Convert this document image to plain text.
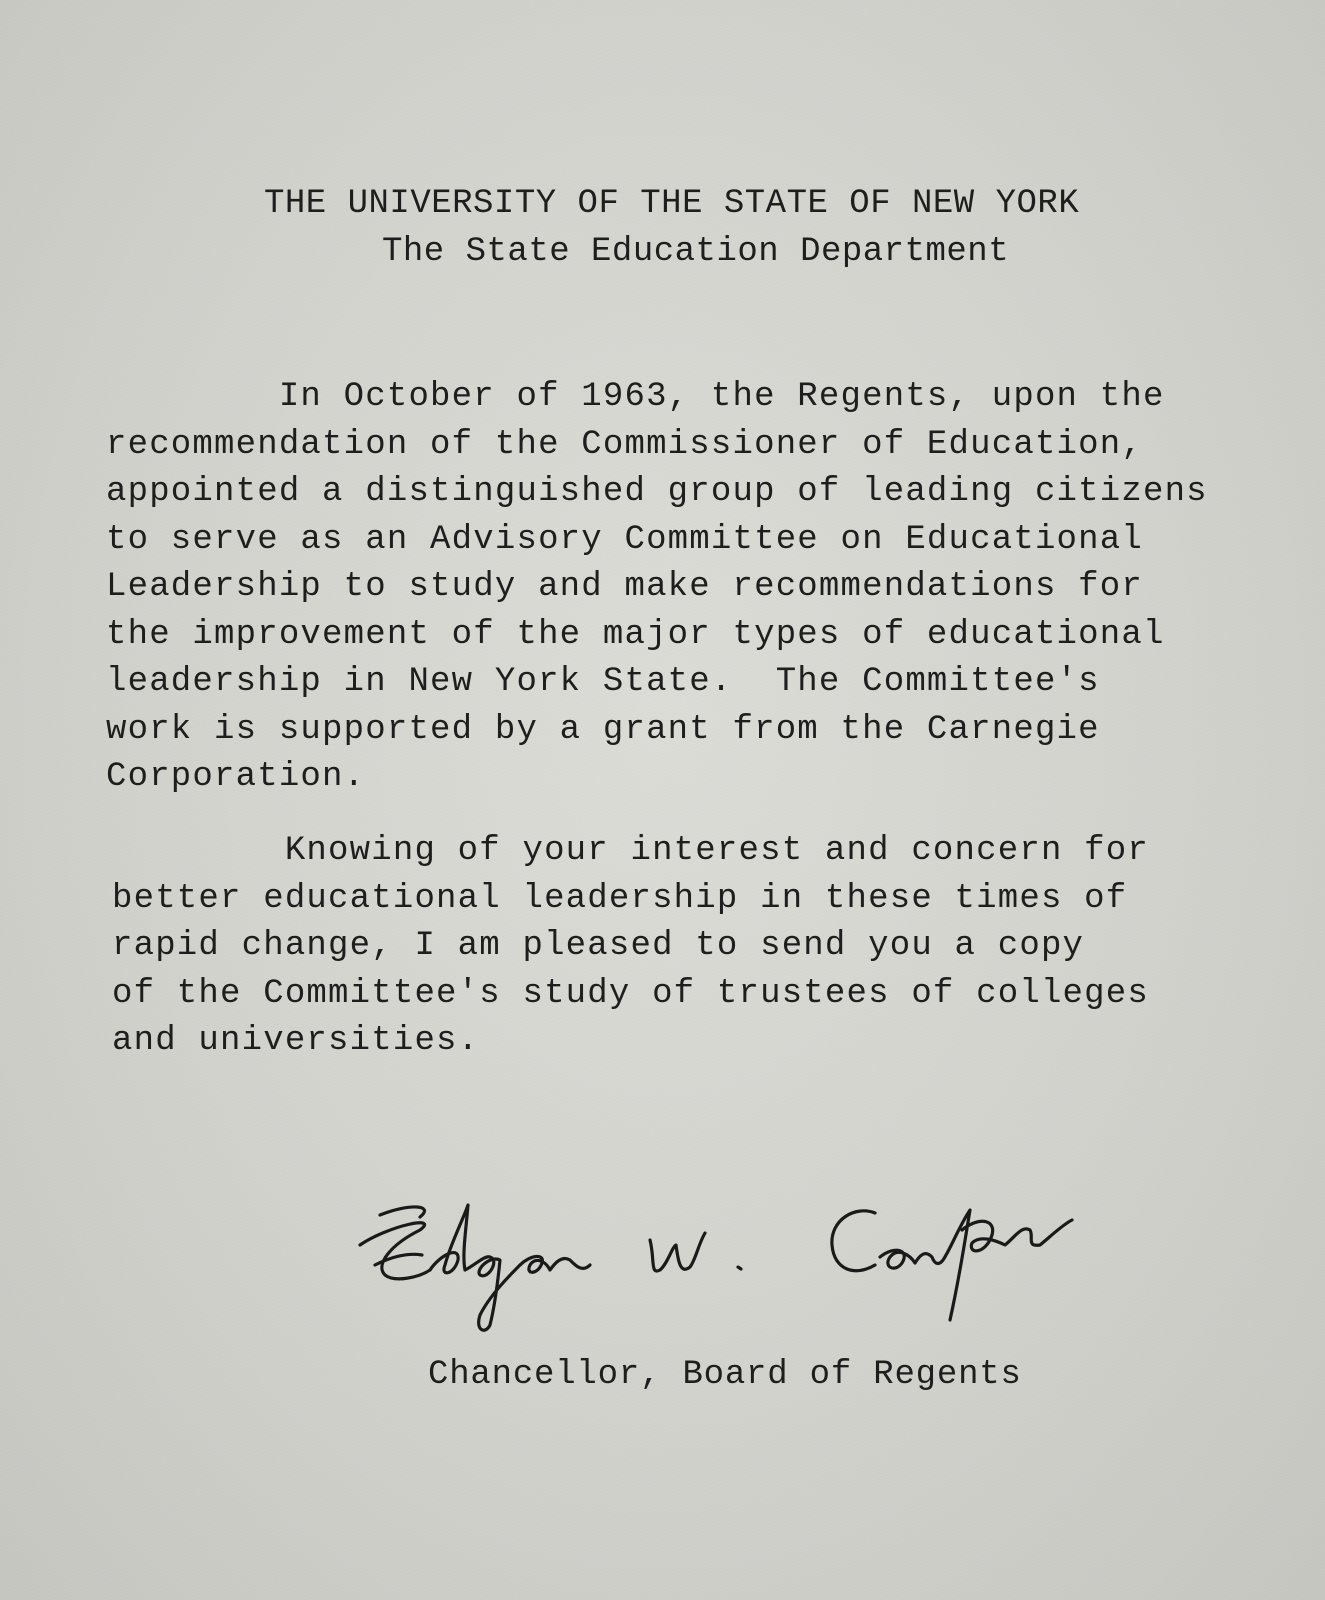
THE UNIVERSITY OF THE STATE OF NEW YORK
The State Education Department
In October of 1963, the Regents, upon the
recommendation of the Commissioner of Education,
appointed a distinguished group of leading citizens
to serve as an Advisory Committee on Educational
Leadership to study and make recommendations for
the improvement of the major types of educational
leadership in New York State.  The Committee's
work is supported by a grant from the Carnegie
Corporation.
Knowing of your interest and concern for
better educational leadership in these times of
rapid change, I am pleased to send you a copy
of the Committee's study of trustees of colleges
and universities.
Chancellor, Board of Regents
